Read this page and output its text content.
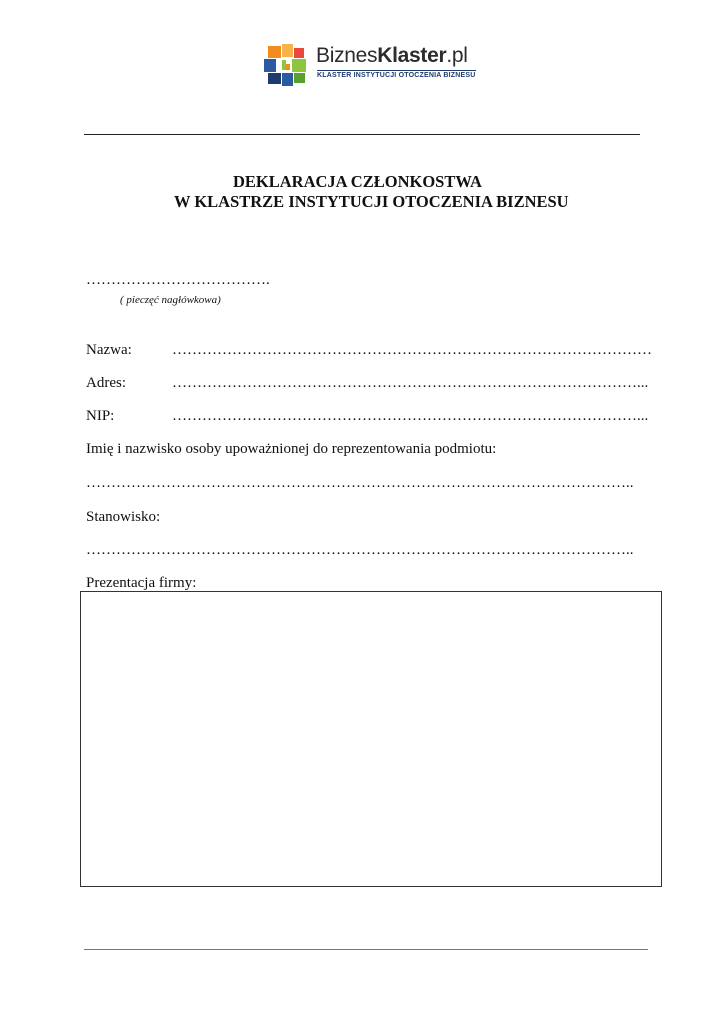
BiznesKlaster.pl
KLASTER INSTYTUCJI OTOCZENIA BIZNESU
DEKLARACJA CZŁONKOSTWA
W KLASTRZE INSTYTUCJI OTOCZENIA BIZNESU
……………………………….
( pieczęć nagłówkowa)
Nazwa:	……………………………………………………………………………………
Adres:	…………………………………………………………………………………...
NIP:	…………………………………………………………………………………...
Imię i nazwisko osoby upoważnionej do reprezentowania podmiotu:
………………………………………………………………………………………………..
Stanowisko:
………………………………………………………………………………………………..
Prezentacja firmy:
